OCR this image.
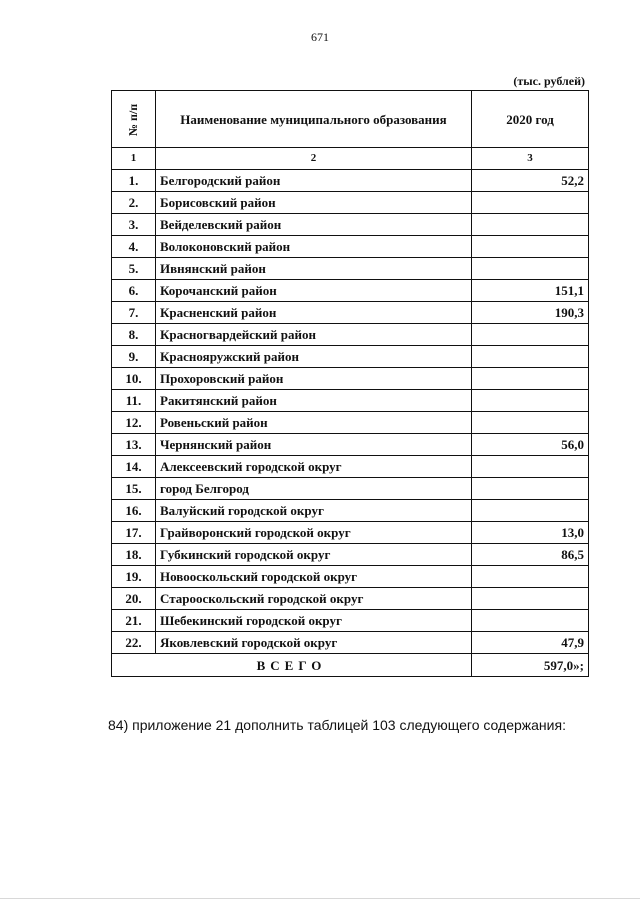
671
(тыс. рублей)
№ п/п	Наименование муниципального образования	2020 год
1	2	3
1.	Белгородский район	52,2
2.	Борисовский район	
3.	Вейделевский район	
4.	Волоконовский район	
5.	Ивнянский район	
6.	Корочанский район	151,1
7.	Красненский район	190,3
8.	Красногвардейский район	
9.	Краснояружский район	
10.	Прохоровский район	
11.	Ракитянский район	
12.	Ровеньский район	
13.	Чернянский район	56,0
14.	Алексеевский городской округ	
15.	город Белгород	
16.	Валуйский городской округ	
17.	Грайворонский городской округ	13,0
18.	Губкинский городской округ	86,5
19.	Новооскольский городской округ	
20.	Старооскольский городской округ	
21.	Шебекинский городской округ	
22.	Яковлевский городской округ	47,9
ВСЕГО		597,0»;
84) приложение 21 дополнить таблицей 103 следующего содержания:
